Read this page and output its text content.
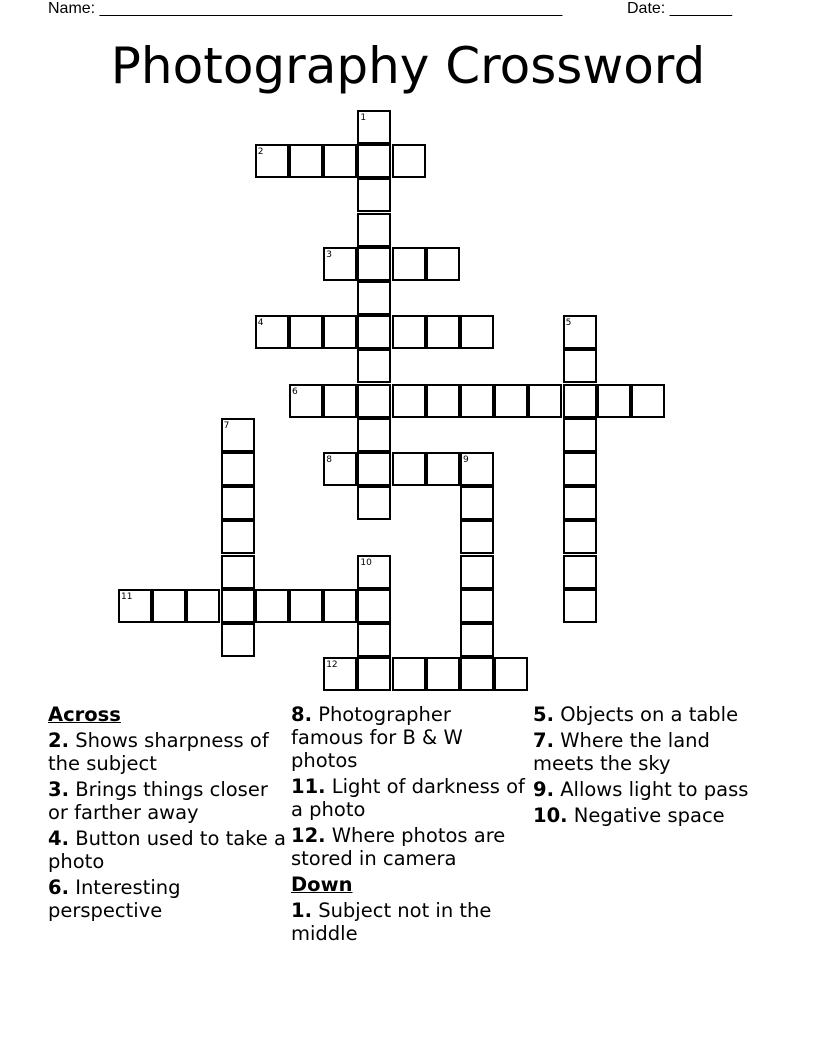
Name: ____________________________________________________	Date: _______
Photography Crossword
1
2
3
4	5
6
7
8	9
10
11
12
Across
2. Shows sharpness of the subject
3. Brings things closer or farther away
4. Button used to take a photo
6. Interesting perspective
8. Photographer famous for B & W photos
11. Light of darkness of a photo
12. Where photos are stored in camera
Down
1. Subject not in the middle
5. Objects on a table
7. Where the land meets the sky
9. Allows light to pass
10. Negative space
